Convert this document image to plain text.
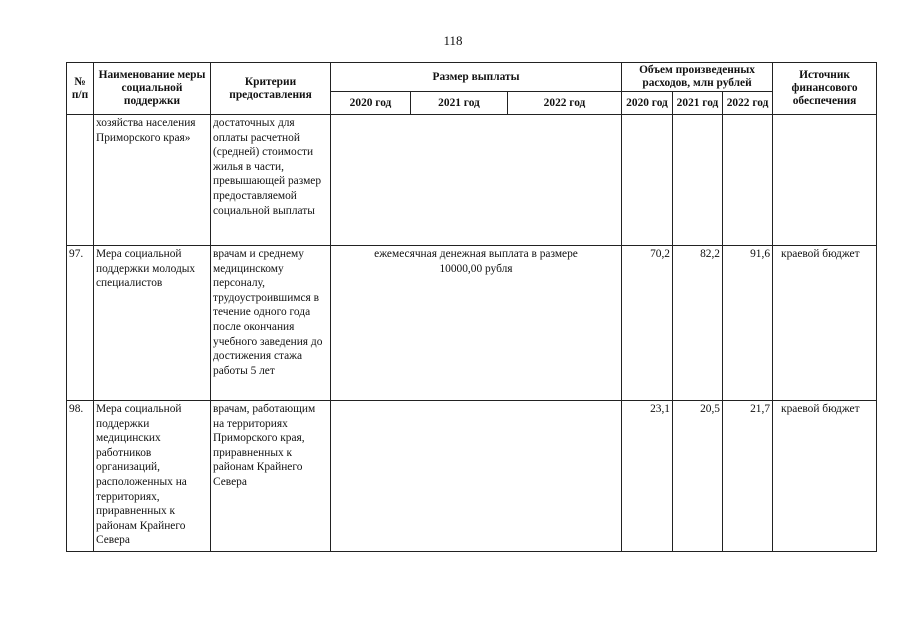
118
№ п/п	Наименование меры социальной поддержки	Критерии предоставления	Размер выплаты			Объем произведенных расходов, млн рублей			Источник финансового обеспечения
			2020 год	2021 год	2022 год	2020 год	2021 год	2022 год	
	хозяйства населения Приморского края»	достаточных для оплаты расчетной (средней) стоимости жилья в части, превышающей размер предоставляемой социальной выплаты							
97.	Мера социальной поддержки молодых специалистов	врачам и среднему медицинскому персоналу, трудоустроившимся в течение одного года после окончания учебного заведения до достижения стажа работы 5 лет	ежемесячная денежная выплата в размере 10000,00 рубля			70,2	82,2	91,6	краевой бюджет
98.	Мера социальной поддержки медицинских работников организаций, расположенных на территориях, приравненных к районам Крайнего Севера	врачам, работающим на территориях Приморского края, приравненных к районам Крайнего Севера				23,1	20,5	21,7	краевой бюджет
